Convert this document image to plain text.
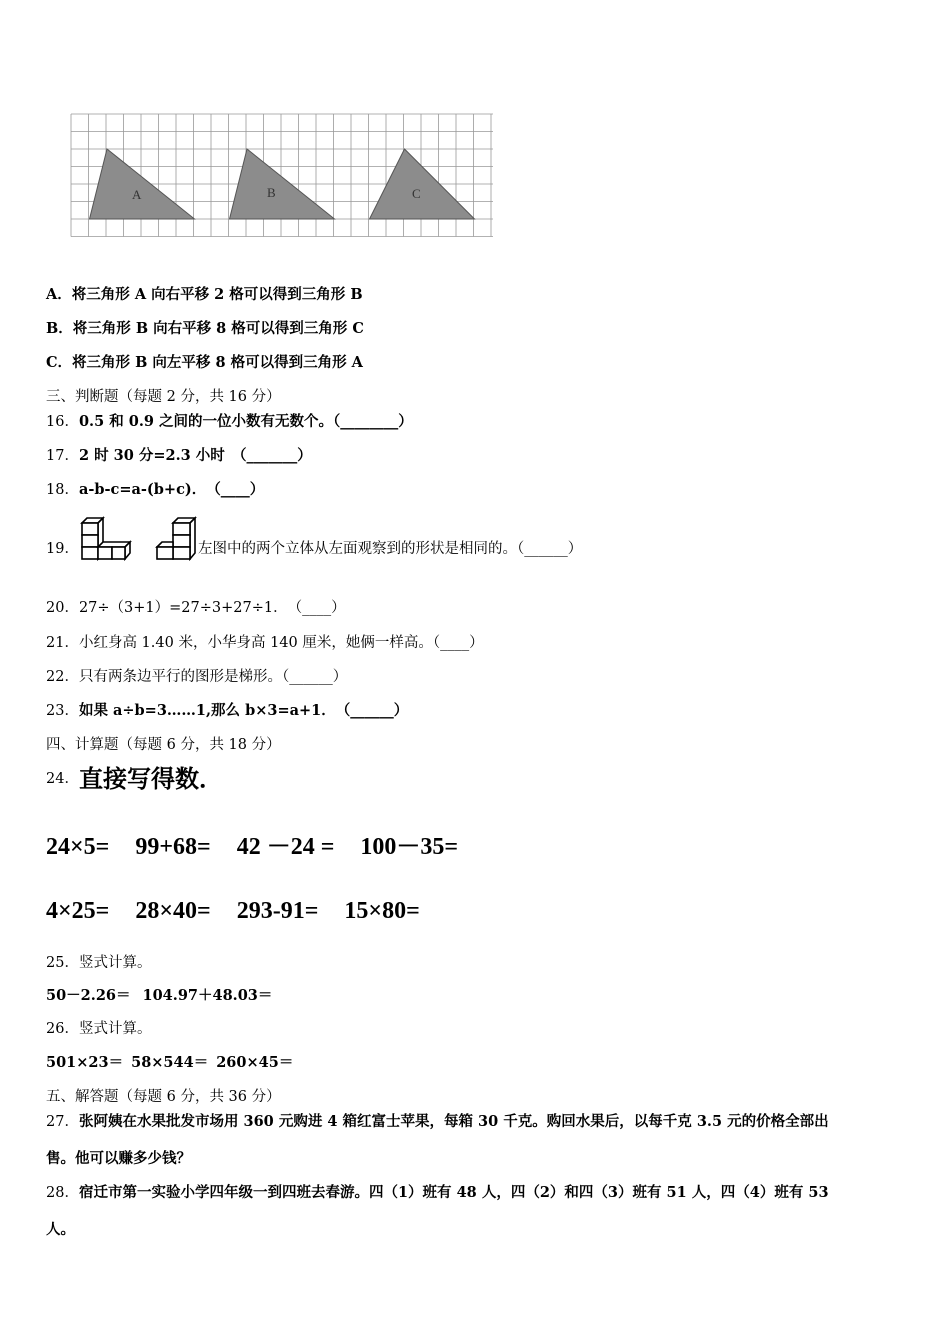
A	B	C
A．将三角形 A 向右平移 2 格可以得到三角形 B
B．将三角形 B 向右平移 8 格可以得到三角形 C
C．将三角形 B 向左平移 8 格可以得到三角形 A
三、判断题（每题 2 分，共 16 分）
16．0.5 和 0.9 之间的一位小数有无数个。（________）
17．2 时 30 分=2.3 小时　（_______）
18．a-b-c=a-(b+c)．　（____）
19．	左图中的两个立体从左面观察到的形状是相同的。（______）
20．27÷（3+1）=27÷3+27÷1．　（____）
21．小红身高 1.40 米，小华身高 140 厘米，她俩一样高。（____）
22．只有两条边平行的图形是梯形。（______）
23．如果 a÷b=3……1,那么 b×3=a+1．　（______）
四、计算题（每题 6 分，共 18 分）
24．直接写得数．
24×5= 99+68= 42 －24 = 100－35=
4×25= 28×40= 293-91= 15×80=
25．竖式计算。
50－2.26＝ 104.97＋48.03＝
26．竖式计算。
501×23＝ 58×544＝ 260×45＝
五、解答题（每题 6 分，共 36 分）
27．张阿姨在水果批发市场用 360 元购进 4 箱红富士苹果，每箱 30 千克。购回水果后，以每千克 3.5 元的价格全部出
售。他可以赚多少钱？
28．宿迁市第一实验小学四年级一到四班去春游。四（1）班有 48 人，四（2）和四（3）班有 51 人，四（4）班有 53
人。
